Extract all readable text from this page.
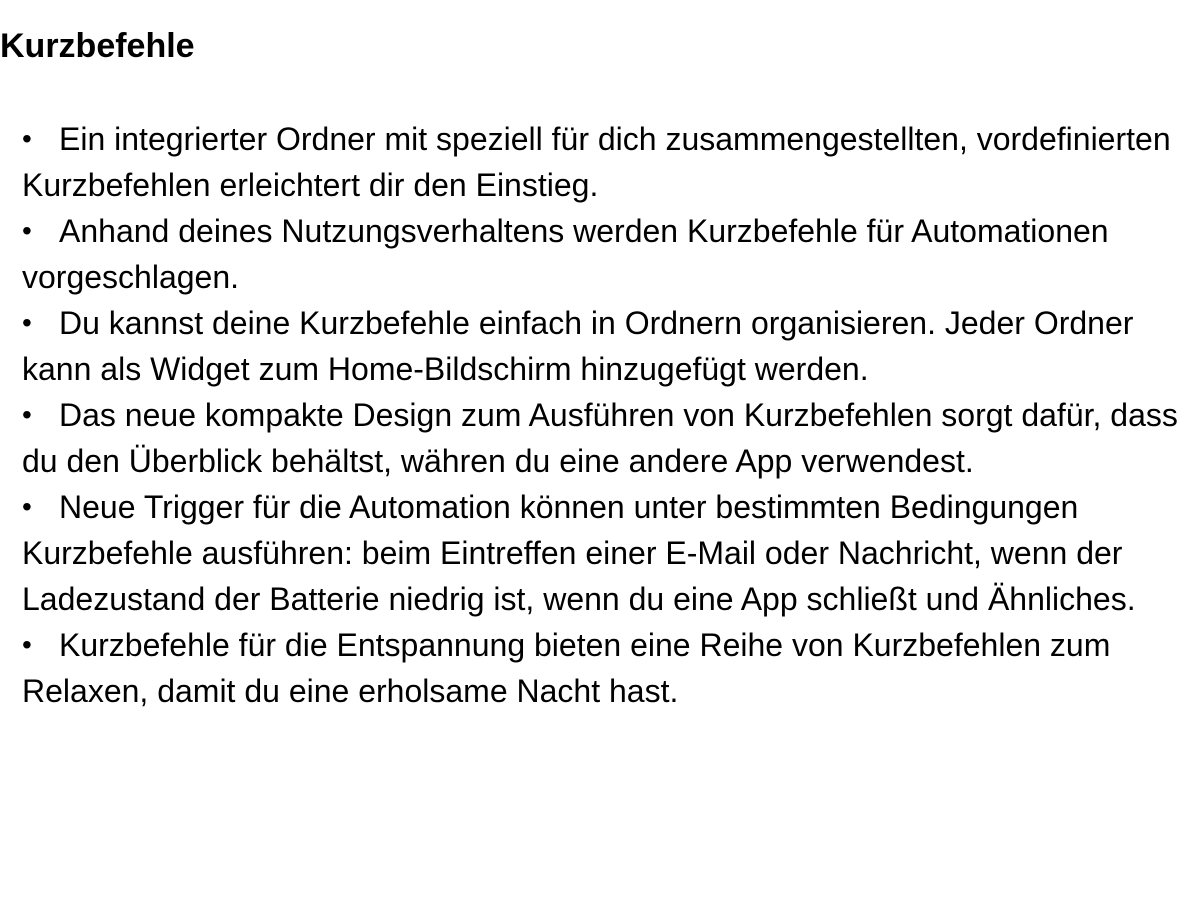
Kurzbefehle
• Ein integrierter Ordner mit speziell für dich zusammengestellten, vordefinierten Kurzbefehlen erleichtert dir den Einstieg.
• Anhand deines Nutzungsverhaltens werden Kurzbefehle für Automationen vorgeschlagen.
• Du kannst deine Kurzbefehle einfach in Ordnern organisieren. Jeder Ordner kann als Widget zum Home-Bildschirm hinzugefügt werden.
• Das neue kompakte Design zum Ausführen von Kurzbefehlen sorgt dafür, dass du den Überblick behältst, währen du eine andere App verwendest.
• Neue Trigger für die Automation können unter bestimmten Bedingungen Kurzbefehle ausführen: beim Eintreffen einer E-Mail oder Nachricht, wenn der Ladezustand der Batterie niedrig ist, wenn du eine App schließt und Ähnliches.
• Kurzbefehle für die Entspannung bieten eine Reihe von Kurzbefehlen zum Relaxen, damit du eine erholsame Nacht hast.
